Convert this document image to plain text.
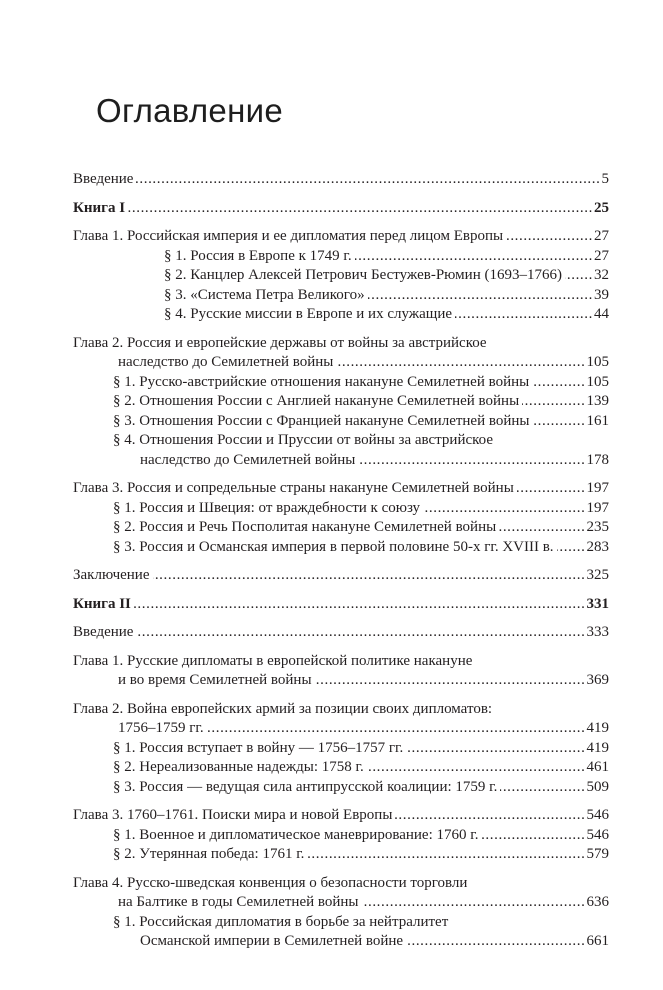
Оглавление
Введение .....	5
Книга I .....	25
Глава 1. Российская империя и ее дипломатия перед лицом Европы .....	27
§ 1. Россия в Европе к 1749 г. .....	27
§ 2. Канцлер Алексей Петрович Бестужев-Рюмин (1693–1766) ..... 32
§ 3. «Система Петра Великого» .....	39
§ 4. Русские миссии в Европе и их служащие .....	44
Глава 2. Россия и европейские державы от войны за австрийское
наследство до Семилетней войны .....	105
§ 1. Русско-австрийские отношения накануне Семилетней войны .....	105
§ 2. Отношения России с Англией накануне Семилетней войны .....	139
§ 3. Отношения России с Францией накануне Семилетней войны .....	161
§ 4. Отношения России и Пруссии от войны за австрийское
наследство до Семилетней войны .....	178
Глава 3. Россия и сопредельные страны накануне Семилетней войны .....	197
§ 1. Россия и Швеция: от враждебности к союзу .....	197
§ 2. Россия и Речь Посполитая накануне Семилетней войны .....	235
§ 3. Россия и Османская империя в первой половине 50-х гг. XVIII в. ..... 283
Заключение .....	325
Книга II .....	331
Введение .....	333
Глава 1. Русские дипломаты в европейской политике накануне
и во время Семилетней войны .....	369
Глава 2. Война европейских армий за позиции своих дипломатов:
1756–1759 гг. .....	419
§ 1. Россия вступает в войну — 1756–1757 гг. .....	419
§ 2. Нереализованные надежды: 1758 г. .....	461
§ 3. Россия — ведущая сила антипрусской коалиции: 1759 г. .....	509
Глава 3. 1760–1761. Поиски мира и новой Европы .....	546
§ 1. Военное и дипломатическое маневрирование: 1760 г. .....	546
§ 2. Утерянная победа: 1761 г. .....	579
Глава 4. Русско-шведская конвенция о безопасности торговли
на Балтике в годы Семилетней войны .....	636
§ 1. Российская дипломатия в борьбе за нейтралитет
Османской империи в Семилетней войне .....	661
